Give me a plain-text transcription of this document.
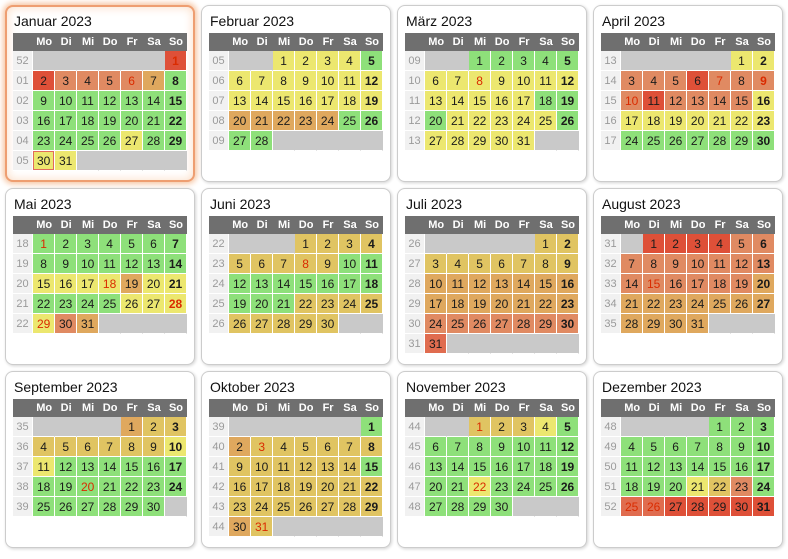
Januar 2023
	Mo	Di	Mi	Do	Fr	Sa	So
52							1
01	2	3	4	5	6	7	8
02	9	10	11	12	13	14	15
03	16	17	18	19	20	21	22
04	23	24	25	26	27	28	29
05	30	31					
Februar 2023
	Mo	Di	Mi	Do	Fr	Sa	So
05			1	2	3	4	5
06	6	7	8	9	10	11	12
07	13	14	15	16	17	18	19
08	20	21	22	23	24	25	26
09	27	28					
März 2023
	Mo	Di	Mi	Do	Fr	Sa	So
09			1	2	3	4	5
10	6	7	8	9	10	11	12
11	13	14	15	16	17	18	19
12	20	21	22	23	24	25	26
13	27	28	29	30	31		
April 2023
	Mo	Di	Mi	Do	Fr	Sa	So
13						1	2
14	3	4	5	6	7	8	9
15	10	11	12	13	14	15	16
16	17	18	19	20	21	22	23
17	24	25	26	27	28	29	30
Mai 2023
	Mo	Di	Mi	Do	Fr	Sa	So
18	1	2	3	4	5	6	7
19	8	9	10	11	12	13	14
20	15	16	17	18	19	20	21
21	22	23	24	25	26	27	28
22	29	30	31				
Juni 2023
	Mo	Di	Mi	Do	Fr	Sa	So
22				1	2	3	4
23	5	6	7	8	9	10	11
24	12	13	14	15	16	17	18
25	19	20	21	22	23	24	25
26	26	27	28	29	30		
Juli 2023
	Mo	Di	Mi	Do	Fr	Sa	So
26						1	2
27	3	4	5	6	7	8	9
28	10	11	12	13	14	15	16
29	17	18	19	20	21	22	23
30	24	25	26	27	28	29	30
31	31						
August 2023
	Mo	Di	Mi	Do	Fr	Sa	So
31		1	2	3	4	5	6
32	7	8	9	10	11	12	13
33	14	15	16	17	18	19	20
34	21	22	23	24	25	26	27
35	28	29	30	31			
September 2023
	Mo	Di	Mi	Do	Fr	Sa	So
35					1	2	3
36	4	5	6	7	8	9	10
37	11	12	13	14	15	16	17
38	18	19	20	21	22	23	24
39	25	26	27	28	29	30	
Oktober 2023
	Mo	Di	Mi	Do	Fr	Sa	So
39							1
40	2	3	4	5	6	7	8
41	9	10	11	12	13	14	15
42	16	17	18	19	20	21	22
43	23	24	25	26	27	28	29
44	30	31					
November 2023
	Mo	Di	Mi	Do	Fr	Sa	So
44			1	2	3	4	5
45	6	7	8	9	10	11	12
46	13	14	15	16	17	18	19
47	20	21	22	23	24	25	26
48	27	28	29	30			
Dezember 2023
	Mo	Di	Mi	Do	Fr	Sa	So
48					1	2	3
49	4	5	6	7	8	9	10
50	11	12	13	14	15	16	17
51	18	19	20	21	22	23	24
52	25	26	27	28	29	30	31
